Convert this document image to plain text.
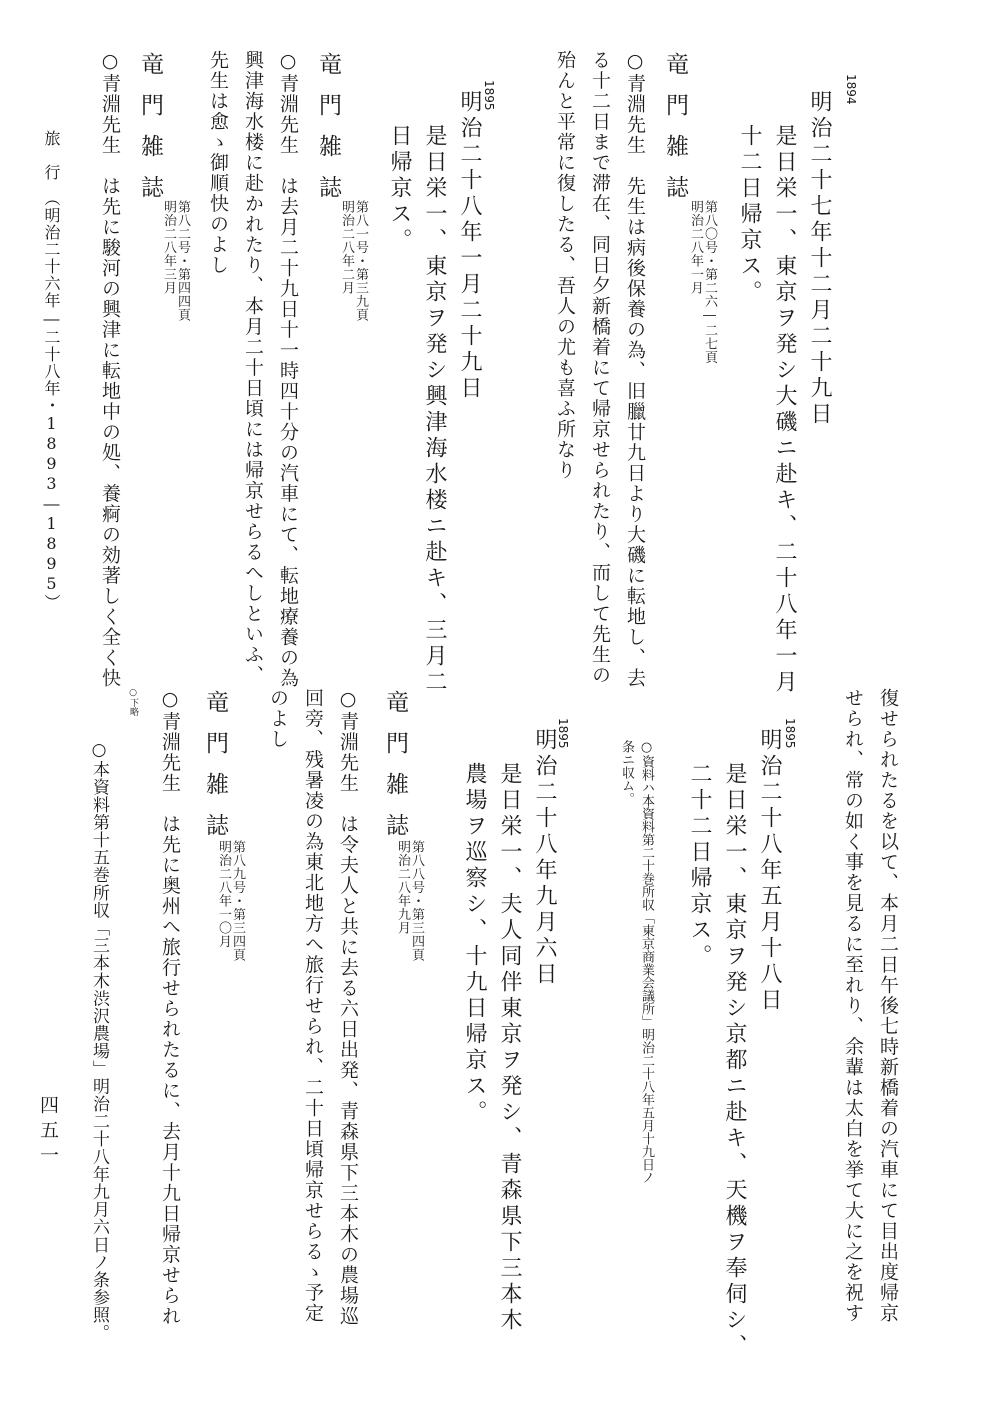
1894

明治二十七年十二月二十九日

是日栄一、東京ヲ発シ大磯ニ赴キ、二十八年一月

十二日帰京ス。

竜門雑誌

第八〇号・第二六―二七頁
明治二八年一月

○青淵先生　先生は病後保養の為、旧臘廿九日より大磯に転地し、去

る十二日まで滞在、同日夕新橋着にて帰京せられたり、而して先生の

殆んと平常に復したる、吾人の尤も喜ふ所なり

1895

明治二十八年一月二十九日

是日栄一、東京ヲ発シ興津海水楼ニ赴キ、三月二

日帰京ス。

竜門雑誌

第八一号・第三九頁
明治二八年二月

○青淵先生　は去月二十九日十一時四十分の汽車にて、転地療養の為

興津海水楼に赴かれたり、本月二十日頃には帰京せらるへしといふ、

先生は愈ゝ御順快のよし

竜門雑誌

第八二号・第四四頁
明治二八年三月

○青淵先生　は先に駿河の興津に転地中の処、養痾の効著しく全く快

旅　行　（明治二十六年―二十八年・1893―1895）

復せられたるを以て、本月二日午後七時新橋着の汽車にて目出度帰京

せられ、常の如く事を見るに至れり、余輩は太白を挙て大に之を祝す

1895

明治二十八年五月十八日

是日栄一、東京ヲ発シ京都ニ赴キ、天機ヲ奉伺シ、

二十二日帰京ス。

○資料ハ本資料第二十巻所収「東京商業会議所」明治二十八年五月十九日ノ

条ニ収ム。

1895

明治二十八年九月六日

是日栄一、夫人同伴東京ヲ発シ、青森県下三本木

農場ヲ巡察シ、十九日帰京ス。

竜門雑誌

第八八号・第三四頁
明治二八年九月

○青淵先生　は令夫人と共に去る六日出発、青森県下三本木の農場巡

回旁、残暑凌の為東北地方へ旅行せられ、二十日頃帰京せらるゝ予定

のよし

竜門雑誌

第八九号・第三四頁
明治二八年一〇月

○青淵先生　は先に奥州へ旅行せられたるに、去月十九日帰京せられ

○下略

○本資料第十五巻所収「三本木渋沢農場」明治二十八年九月六日ノ条参照。

四五一
